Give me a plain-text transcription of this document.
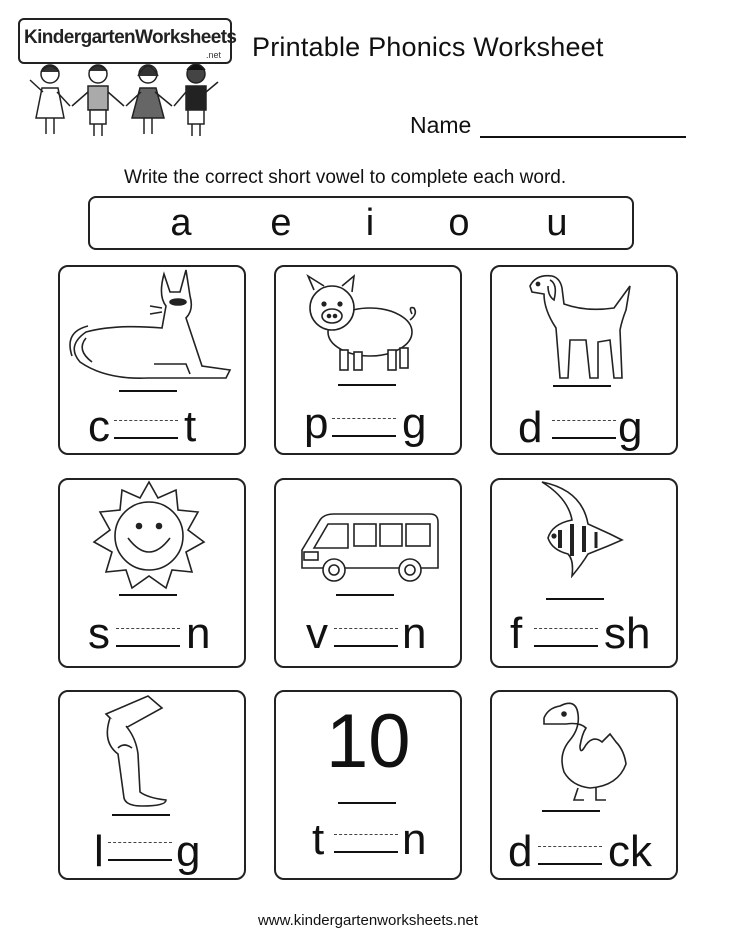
KindergartenWorksheets
.net Printable Phonics Worksheet
Name
Write the correct short vowel to complete each word.
a e	i	o u
c t p g d g
s n v n f sh
l g
10
t n d ck
www.kindergartenworksheets.net
